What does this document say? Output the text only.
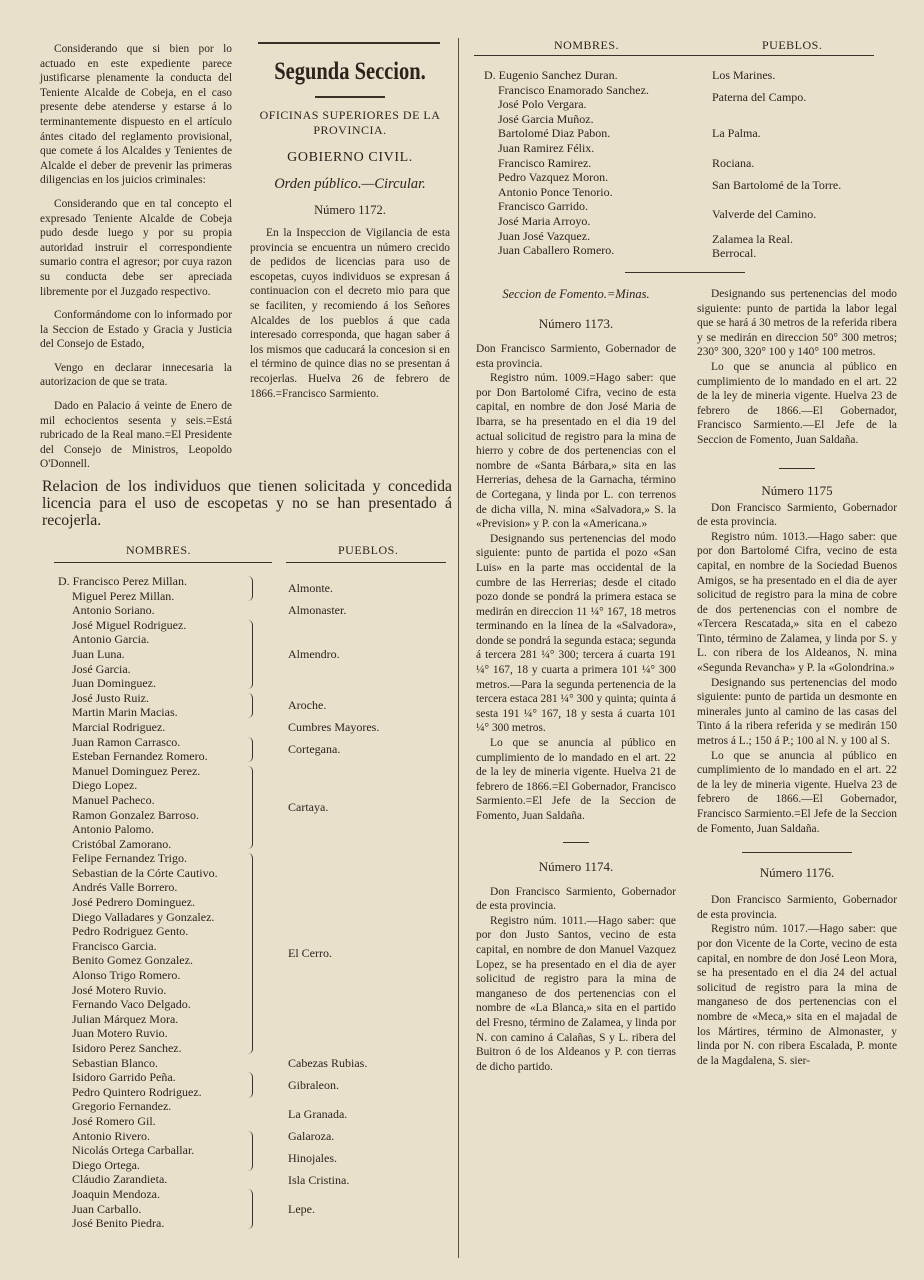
Considerando que si bien por lo actuado en este expediente parece justificarse plenamente la conducta del Teniente Alcalde de Cobeja, en el caso presente debe atenderse y estarse á lo terminantemente dispuesto en el artículo ántes citado del reglamento provisional, que comete á los Alcaldes y Tenientes de Alcalde el deber de prevenir las primeras diligencias en los juicios criminales:

Considerando que en tal concepto el expresado Teniente Alcalde de Cobeja pudo desde luego y por su propia autoridad instruir el correspondiente sumario contra el agresor; por cuya razon su conducta debe ser apreciada libremente por el Juzgado respectivo.

Conformándome con lo informado por la Seccion de Estado y Gracia y Justicia del Consejo de Estado,

Vengo en declarar innecesaria la autorizacion de que se trata.

Dado en Palacio á veinte de Enero de mil echocientos sesenta y seis.=Está rubricado de la Real mano.=El Presidente del Consejo de Ministros, Leopoldo O'Donnell.

Segunda Seccion.
OFICINAS SUPERIORES DE LA PROVINCIA.
GOBIERNO CIVIL.
Orden público.—Circular.
Número 1172.

En la Inspeccion de Vigilancia de esta provincia se encuentra un número crecido de pedidos de licencias para uso de escopetas, cuyos individuos se expresan á continuacion con el decreto mio para que se faciliten, y recomiendo á los Señores Alcaldes de los pueblos á que cada interesado corresponda, que hagan saber á los mismos que caducará la concesion si en el término de quince dias no se presentan á recojerlas. Huelva 26 de febrero de 1866.=Francisco Sarmiento.

Relacion de los individuos que tienen solicitada y concedida licencia para el uso de escopetas y no se han presentado á recojerla.
NOMBRES.	PUEBLOS.
D. Francisco Perez Millan.
Miguel Perez Millan.
Antonio Soriano.
José Miguel Rodriguez.
Antonio Garcia.
Juan Luna.
José Garcia.
Juan Dominguez.
José Justo Ruiz.
Martin Marin Macias.
Marcial Rodriguez.
Juan Ramon Carrasco.
Esteban Fernandez Romero.
Manuel Dominguez Perez.
Diego Lopez.
Manuel Pacheco.
Ramon Gonzalez Barroso.
Antonio Palomo.
Cristóbal Zamorano.
Felipe Fernandez Trigo.
Sebastian de la Córte Cautivo.
Andrés Valle Borrero.
José Pedrero Dominguez.
Diego Valladares y Gonzalez.
Pedro Rodriguez Gento.
Francisco Garcia.
Benito Gomez Gonzalez.
Alonso Trigo Romero.
José Motero Ruvio.
Fernando Vaco Delgado.
Julian Márquez Mora.
Juan Motero Ruvio.
Isidoro Perez Sanchez.
Sebastian Blanco.
Isidoro Garrido Peña.
Pedro Quintero Rodriguez.
Gregorio Fernandez.
José Romero Gil.
Antonio Rivero.
Nicolás Ortega Carballar.
Diego Ortega.
Cláudio Zarandieta.
Joaquin Mendoza.
Juan Carballo.
José Benito Piedra.
Almonte.
Almonaster.
Almendro.
Aroche.
Cumbres Mayores.
Cortegana.
Cartaya.
El Cerro.
Cabezas Rubias.
Gibraleon.
La Granada.
Galaroza.
Hinojales.
Isla Cristina.
Lepe.
NOMBRES.	PUEBLOS.
D. Eugenio Sanchez Duran.
Francisco Enamorado Sanchez.
José Polo Vergara.
José Garcia Muñoz.
Bartolomé Diaz Pabon.
Juan Ramirez Félix.
Francisco Ramirez.
Pedro Vazquez Moron.
Antonio Ponce Tenorio.
Francisco Garrido.
José Maria Arroyo.
Juan José Vazquez.
Juan Caballero Romero.
Los Marines.
Paterna del Campo.
La Palma.
Rociana.
San Bartolomé de la Torre.
Valverde del Camino.
Zalamea la Real.
Berrocal.
Seccion de Fomento.=Minas.
Número 1173.

Don Francisco Sarmiento, Gobernador de esta provincia.

Registro núm. 1009.=Hago saber: que por Don Bartolomé Cifra, vecino de esta capital, en nombre de don José Maria de Ibarra, se ha presentado en el dia 19 del actual solicitud de registro para la mina de hierro y cobre de dos pertenencias con el nombre de «Santa Bárbara,» sita en las Herrerias, dehesa de la Garnacha, término de Cortegana, y linda por L. con terrenos de dicha villa, N. mina «Salvadora,» S. la «Prevision» y P. con la «Americana.»

Designando sus pertenencias del modo siguiente: punto de partida el pozo «San Luis» en la parte mas occidental de la cumbre de las Herrerias; desde el citado pozo donde se pondrá la primera estaca se medirán en direccion 11 ¼° 167, 18 metros terminando en la línea de la «Salvadora», donde se pondrá la segunda estaca; segunda á tercera 281 ¼° 300; tercera á cuarta 191 ¼° 167, 18 y cuarta a primera 101 ¼° 300 metros.—Para la segunda pertenencia de la tercera estaca 281 ¼° 300 y quinta; quinta á sesta 191 ¼° 167, 18 y sesta á cuarta 101 ¼° 300 metros.

Lo que se anuncia al público en cumplimiento de lo mandado en el art. 22 de la ley de mineria vigente. Huelva 21 de febrero de 1866.=El Gobernador, Francisco Sarmiento.=El Jefe de la Seccion de Fomento, Juan Saldaña.

Número 1174.

Don Francisco Sarmiento, Gobernador de esta provincia.

Registro núm. 1011.—Hago saber: que por don Justo Santos, vecino de esta capital, en nombre de don Manuel Vazquez Lopez, se ha presentado en el dia de ayer solicitud de registro para la mina de manganeso de dos pertenencias con el nombre de «La Blanca,» sita en el partido del Fresno, término de Zalamea, y linda por N. con camino á Calañas, S y L. ribera del Buitron ó de los Aldeanos y P. con tierras de dicho partido.

Designando sus pertenencias del modo siguiente: punto de partida la labor legal que se hará á 30 metros de la referida ribera y se medirán en direccion 50° 300 metros; 230° 300, 320° 100 y 140° 100 metros.

Lo que se anuncia al público en cumplimiento de lo mandado en el art. 22 de la ley de mineria vigente. Huelva 23 de febrero de 1866.—El Gobernador, Francisco Sarmiento.—El Jefe de la Seccion de Fomento, Juan Saldaña.

Número 1175

Don Francisco Sarmiento, Gobernador de esta provincia.

Registro núm. 1013.—Hago saber: que por don Bartolomé Cifra, vecino de esta capital, en nombre de la Sociedad Buenos Amigos, se ha presentado en el dia de ayer solicitud de registro para la mina de cobre de dos pertenencias con el nombre de «Tercera Rescatada,» sita en el cabezo Tinto, término de Zalamea, y linda por S. y L. con ribera de los Aldeanos, N. mina «Segunda Revancha» y P. la «Golondrina.»

Designando sus pertenencias del modo siguiente: punto de partida un desmonte en minerales junto al camino de las casas del Tinto á la ribera referida y se medirán 150 metros á L.; 150 á P.; 100 al N. y 100 al S.

Lo que se anuncia al público en cumplimiento de lo mandado en el art. 22 de la ley de mineria vigente. Huelva 23 de febrero de 1866.—El Gobernador, Francisco Sarmiento.=El Jefe de la Seccion de Fomento, Juan Saldaña.

Número 1176.

Don Francisco Sarmiento, Gobernador de esta provincia.

Registro núm. 1017.—Hago saber: que por don Vicente de la Corte, vecino de esta capital, en nombre de don José Leon Mora, se ha presentado en el dia 24 del actual solicitud de registro para la mina de manganeso de dos pertenencias con el nombre de «Meca,» sita en el majadal de los Mártires, término de Almonaster, y linda por N. con ribera Escalada, P. monte de la Magdalena, S. sier-
